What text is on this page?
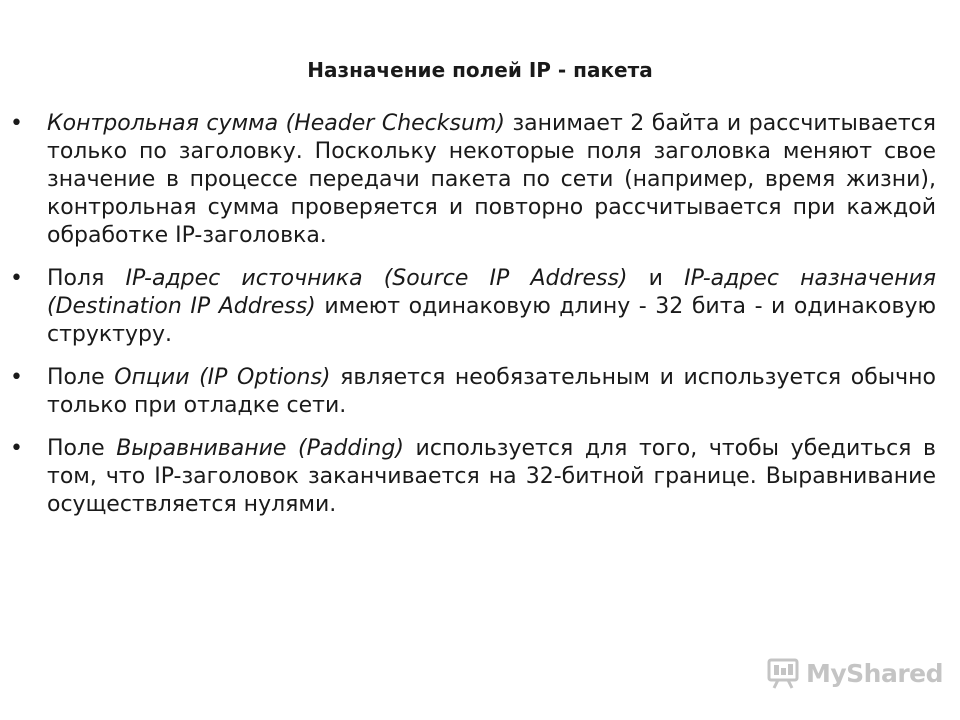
Назначение полей IP - пакета
• Контрольная сумма (Header Checksum) занимает 2 байта и рассчитывается только по заголовку. Поскольку некоторые поля заголовка меняют свое значение в процессе передачи пакета по сети (например, время жизни), контрольная сумма проверяется и повторно рассчитывается при каждой обработке IP-заголовка.
• Поля IP-адрес источника (Source IP Address) и IP-адрес назначения (Destination IP Address) имеют одинаковую длину - 32 бита - и одинаковую структуру.
• Поле Опции (IP Options) является необязательным и используется обычно только при отладке сети.
• Поле Выравнивание (Padding) используется для того, чтобы убедиться в том, что IP-заголовок заканчивается на 32-битной границе. Выравнивание осуществляется нулями.
MyShared
